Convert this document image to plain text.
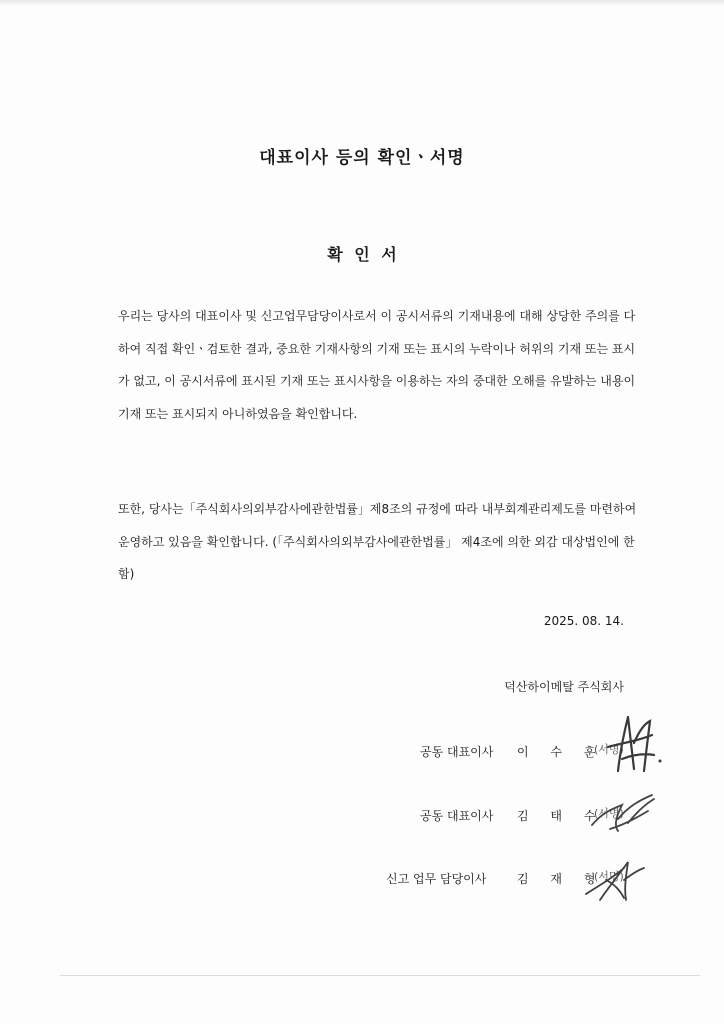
대표이사 등의 확인ㆍ서명
확 인 서

우리는 당사의 대표이사 및 신고업무담당이사로서 이 공시서류의 기재내용에 대해 상당한 주의를 다하여 직접 확인ㆍ검토한 결과, 중요한 기재사항의 기재 또는 표시의 누락이나 허위의 기재 또는 표시가 없고, 이 공시서류에 표시된 기재 또는 표시사항을 이용하는 자의 중대한 오해를 유발하는 내용이 기재 또는 표시되지 아니하였음을 확인합니다.

또한, 당사는「주식회사의외부감사에관한법률」제8조의 규정에 따라 내부회계관리제도를 마련하여 운영하고 있음을 확인합니다. (「주식회사의외부감사에관한법률」 제4조에 의한 외감 대상법인에 한함)

2025. 08. 14.
덕산하이메탈 주식회사
공동 대표이사 이 수 훈
(서명)
공동 대표이사 김 태 수
(서명)
신고 업무 담당이사	김 재 형
(서명)
